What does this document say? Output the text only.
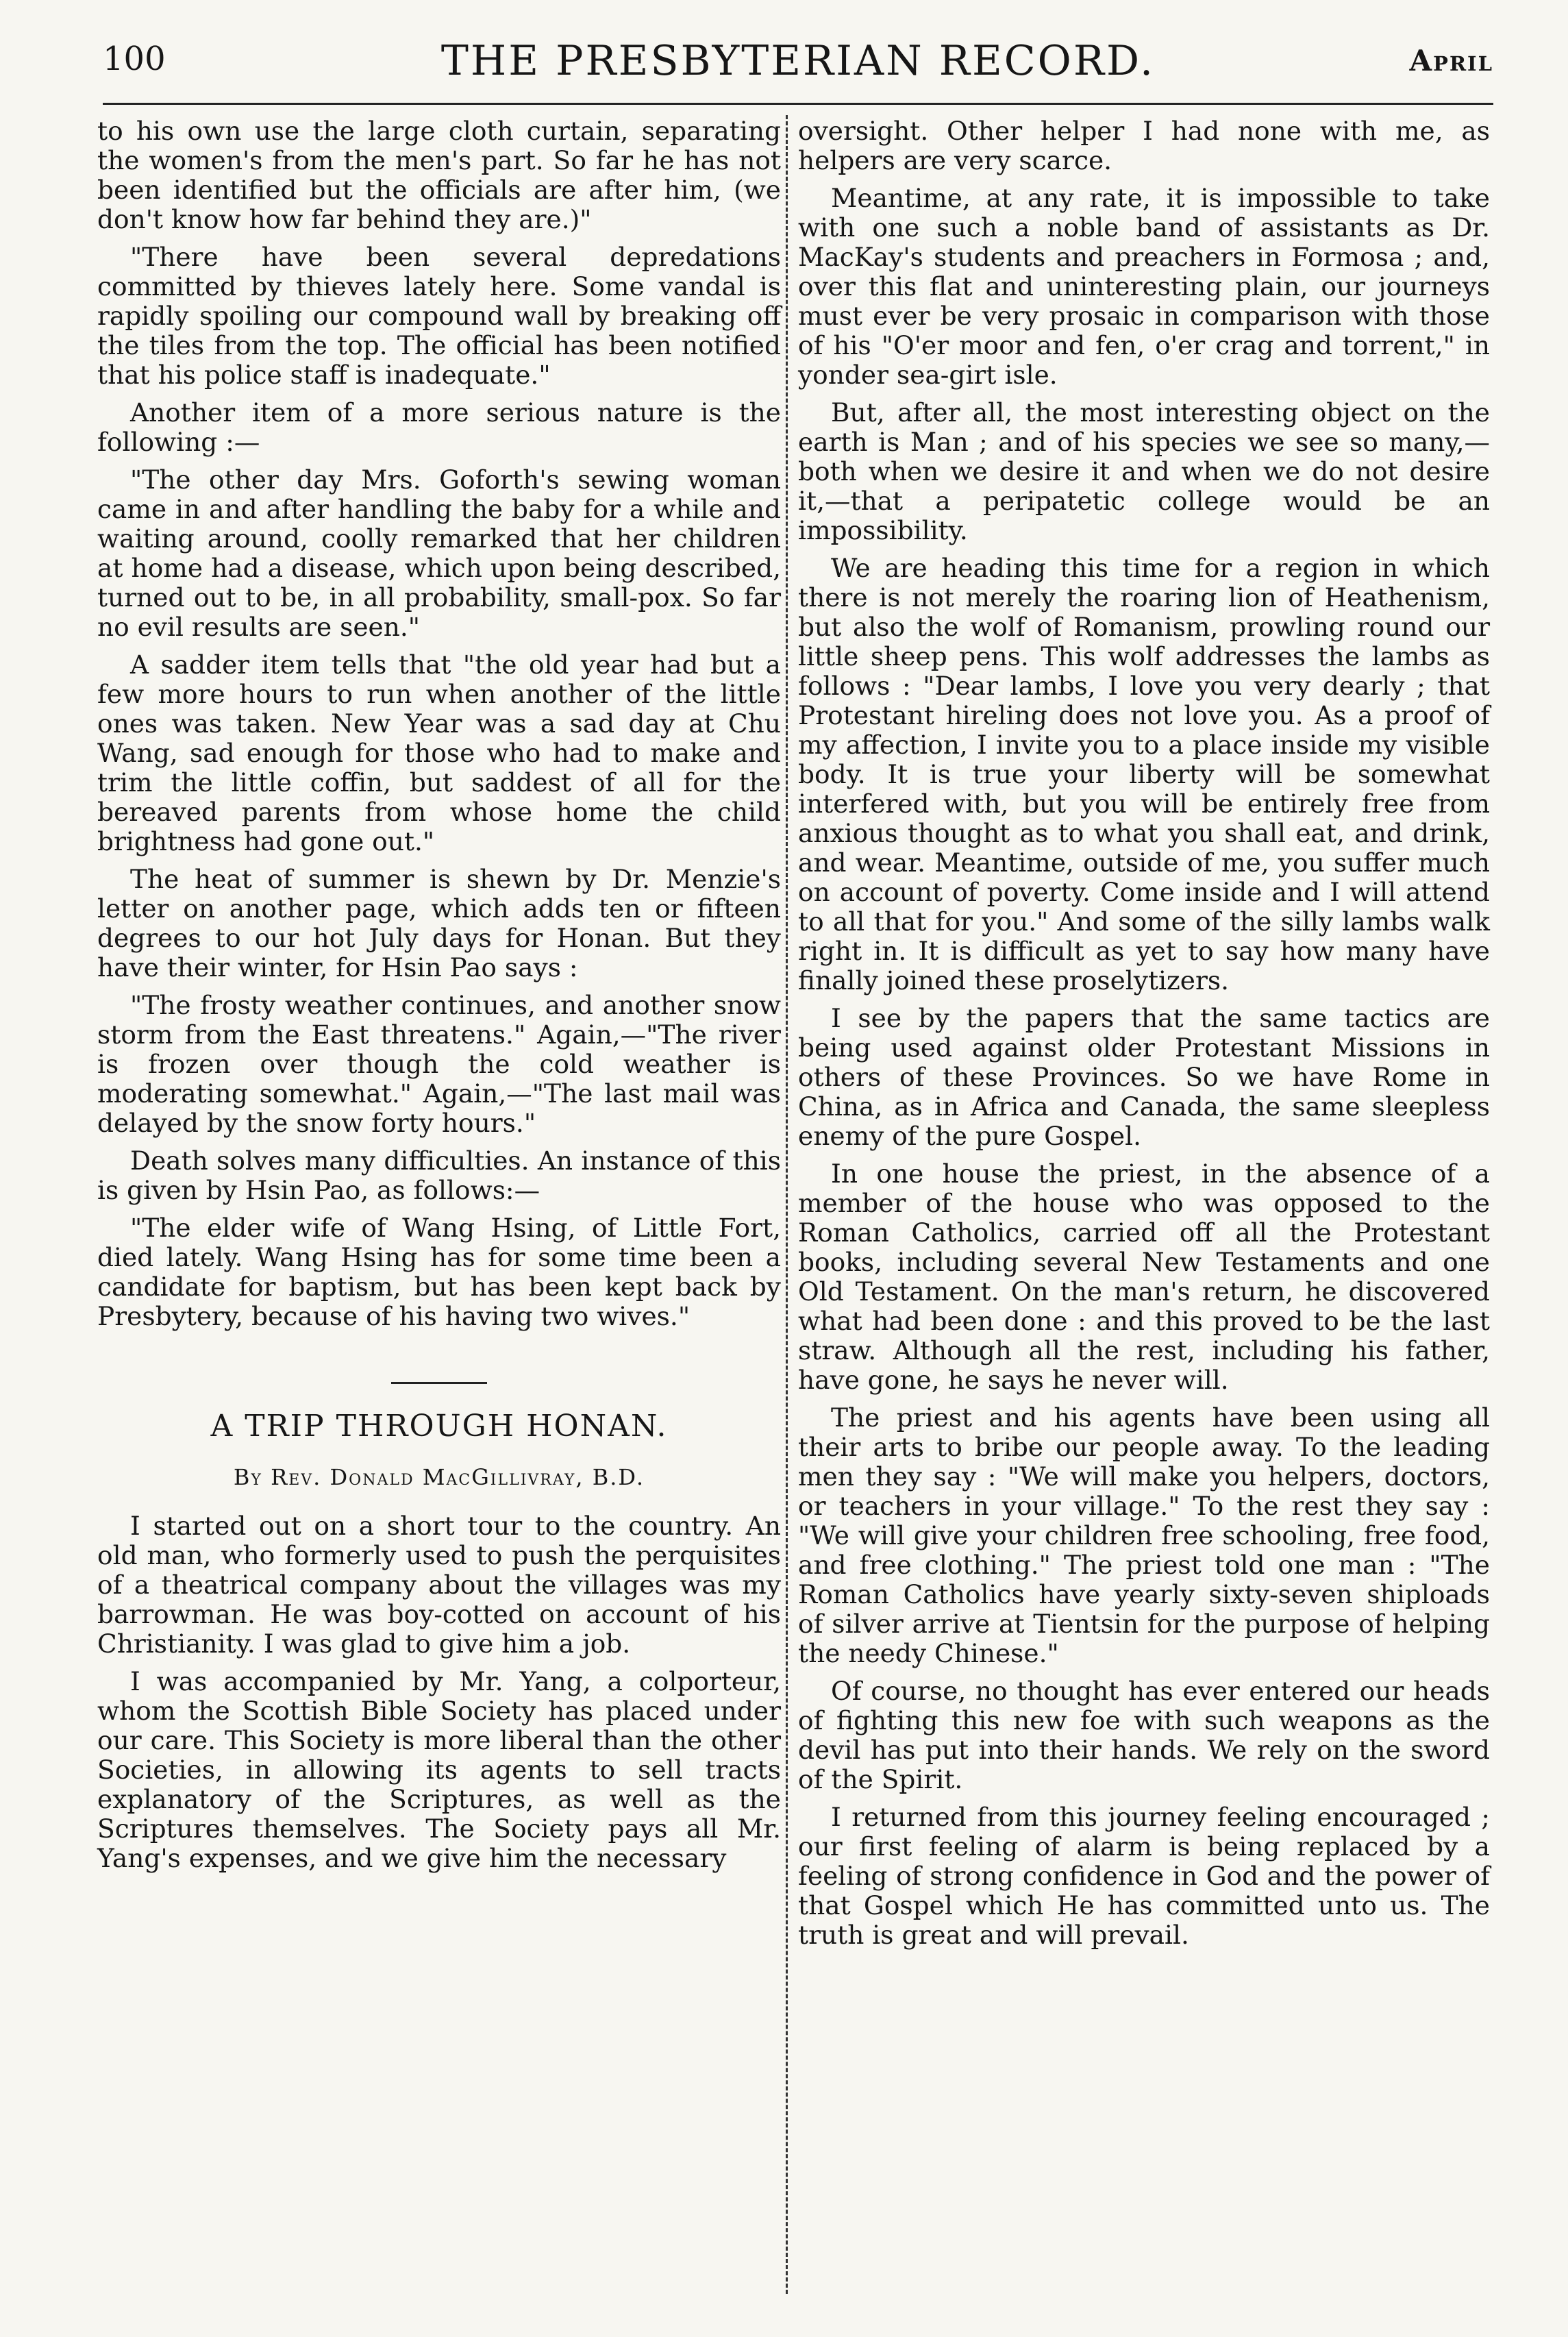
100	THE PRESBYTERIAN RECORD.	April

to his own use the large cloth curtain, separating the women's from the men's part. So far he has not been identified but the officials are after him, (we don't know how far behind they are.)"

"There have been several depredations committed by thieves lately here. Some vandal is rapidly spoiling our compound wall by breaking off the tiles from the top. The official has been notified that his police staff is inadequate."

Another item of a more serious nature is the following :—

"The other day Mrs. Goforth's sewing woman came in and after handling the baby for a while and waiting around, coolly remarked that her children at home had a disease, which upon being described, turned out to be, in all probability, small-pox. So far no evil results are seen."

A sadder item tells that "the old year had but a few more hours to run when another of the little ones was taken. New Year was a sad day at Chu Wang, sad enough for those who had to make and trim the little coffin, but saddest of all for the bereaved parents from whose home the child brightness had gone out."

The heat of summer is shewn by Dr. Menzie's letter on another page, which adds ten or fifteen degrees to our hot July days for Honan. But they have their winter, for Hsin Pao says :

"The frosty weather continues, and another snow storm from the East threatens." Again,—"The river is frozen over though the cold weather is moderating somewhat." Again,—"The last mail was delayed by the snow forty hours."

Death solves many difficulties. An instance of this is given by Hsin Pao, as follows:—

"The elder wife of Wang Hsing, of Little Fort, died lately. Wang Hsing has for some time been a candidate for baptism, but has been kept back by Presbytery, because of his having two wives."

A TRIP THROUGH HONAN.
By Rev. Donald MacGillivray, B.D.

I started out on a short tour to the country. An old man, who formerly used to push the perquisites of a theatrical company about the villages was my barrowman. He was boy-cotted on account of his Christianity. I was glad to give him a job.

I was accompanied by Mr. Yang, a colporteur, whom the Scottish Bible Society has placed under our care. This Society is more liberal than the other Societies, in allowing its agents to sell tracts explanatory of the Scriptures, as well as the Scriptures themselves. The Society pays all Mr. Yang's expenses, and we give him the necessary

oversight. Other helper I had none with me, as helpers are very scarce.

Meantime, at any rate, it is impossible to take with one such a noble band of assistants as Dr. MacKay's students and preachers in Formosa ; and, over this flat and uninteresting plain, our journeys must ever be very prosaic in comparison with those of his "O'er moor and fen, o'er crag and torrent," in yonder sea-girt isle.

But, after all, the most interesting object on the earth is Man ; and of his species we see so many,—both when we desire it and when we do not desire it,—that a peripatetic college would be an impossibility.

We are heading this time for a region in which there is not merely the roaring lion of Heathenism, but also the wolf of Romanism, prowling round our little sheep pens. This wolf addresses the lambs as follows : "Dear lambs, I love you very dearly ; that Protestant hireling does not love you. As a proof of my affection, I invite you to a place inside my visible body. It is true your liberty will be somewhat interfered with, but you will be entirely free from anxious thought as to what you shall eat, and drink, and wear. Meantime, outside of me, you suffer much on account of poverty. Come inside and I will attend to all that for you." And some of the silly lambs walk right in. It is difficult as yet to say how many have finally joined these proselytizers.

I see by the papers that the same tactics are being used against older Protestant Missions in others of these Provinces. So we have Rome in China, as in Africa and Canada, the same sleepless enemy of the pure Gospel.

In one house the priest, in the absence of a member of the house who was opposed to the Roman Catholics, carried off all the Protestant books, including several New Testaments and one Old Testament. On the man's return, he discovered what had been done : and this proved to be the last straw. Although all the rest, including his father, have gone, he says he never will.

The priest and his agents have been using all their arts to bribe our people away. To the leading men they say : "We will make you helpers, doctors, or teachers in your village." To the rest they say : "We will give your children free schooling, free food, and free clothing." The priest told one man : "The Roman Catholics have yearly sixty-seven shiploads of silver arrive at Tientsin for the purpose of helping the needy Chinese."

Of course, no thought has ever entered our heads of fighting this new foe with such weapons as the devil has put into their hands. We rely on the sword of the Spirit.

I returned from this journey feeling encouraged ; our first feeling of alarm is being replaced by a feeling of strong confidence in God and the power of that Gospel which He has committed unto us. The truth is great and will prevail.
